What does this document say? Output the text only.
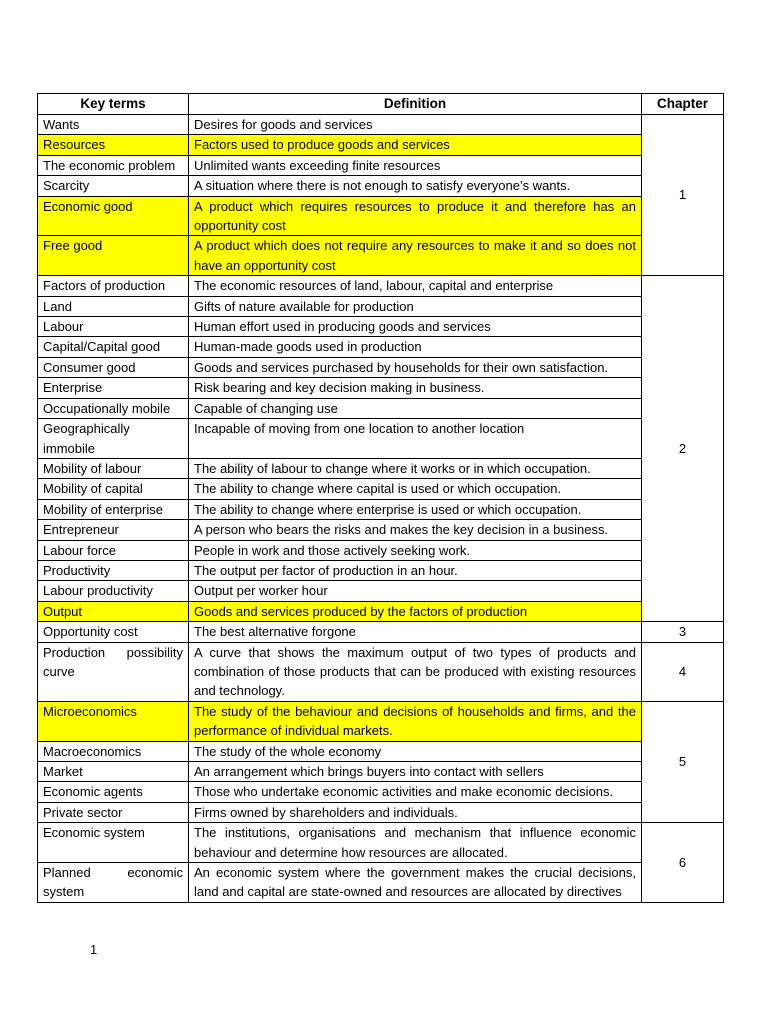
Key terms	Definition	Chapter
Wants	Desires for goods and services	1
Resources	Factors used to produce goods and services	
The economic problem	Unlimited wants exceeding finite resources	
Scarcity	A situation where there is not enough to satisfy everyone’s wants.	
Economic good	A product which requires resources to produce it and therefore has an opportunity cost	
Free good	A product which does not require any resources to make it and so does not have an opportunity cost	
Factors of production	The economic resources of land, labour, capital and enterprise	2
Land	Gifts of nature available for production	
Labour	Human effort used in producing goods and services	
Capital/Capital good	Human-made goods used in production	
Consumer good	Goods and services purchased by households for their own satisfaction.	
Enterprise	Risk bearing and key decision making in business.	
Occupationally mobile	Capable of changing use	
Geographically immobile	Incapable of moving from one location to another location	
Mobility of labour	The ability of labour to change where it works or in which occupation.	
Mobility of capital	The ability to change where capital is used or which occupation.	
Mobility of enterprise	The ability to change where enterprise is used or which occupation.	
Entrepreneur	A person who bears the risks and makes the key decision in a business.	
Labour force	People in work and those actively seeking work.	
Productivity	The output per factor of production in an hour.	
Labour productivity	Output per worker hour	
Output	Goods and services produced by the factors of production	
Opportunity cost	The best alternative forgone	3
Production possibility curve	A curve that shows the maximum output of two types of products and combination of those products that can be produced with existing resources and technology.	4
Microeconomics	The study of the behaviour and decisions of households and firms, and the performance of individual markets.	5
Macroeconomics	The study of the whole economy	
Market	An arrangement which brings buyers into contact with sellers	
Economic agents	Those who undertake economic activities and make economic decisions.	
Private sector	Firms owned by shareholders and individuals.	
Economic system	The institutions, organisations and mechanism that influence economic behaviour and determine how resources are allocated.	6
Planned economic system	An economic system where the government makes the crucial decisions, land and capital are state-owned and resources are allocated by directives	
1
